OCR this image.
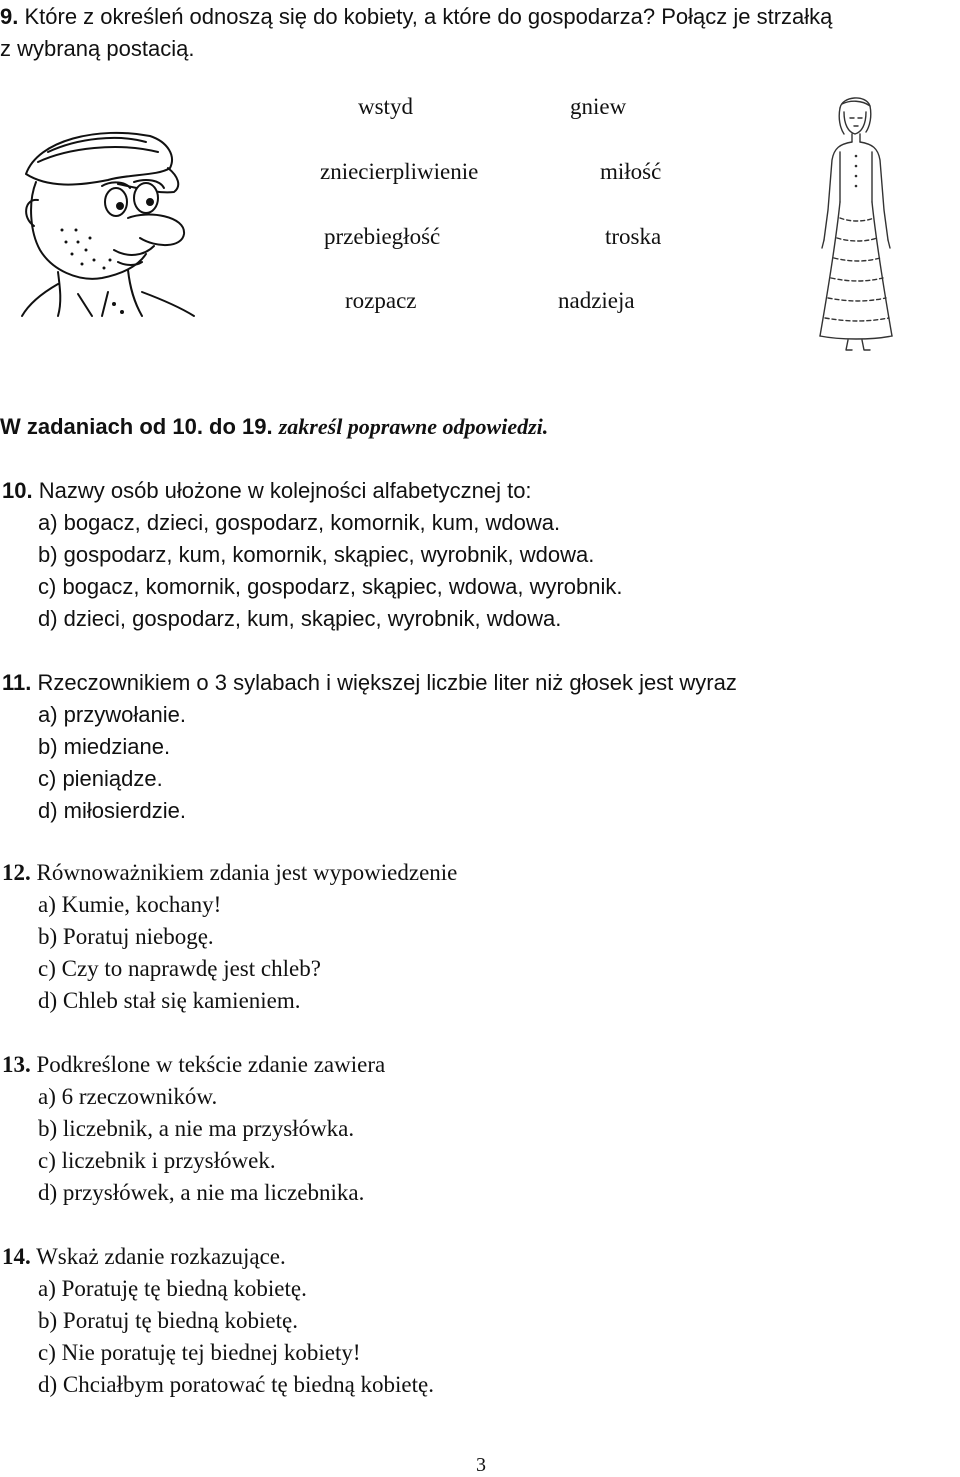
9. Które z określeń odnoszą się do kobiety, a które do gospodarza? Połącz je strzałką
z wybraną postacią.
wstyd
zniecierpliwienie
przebiegłość
rozpacz
gniew
miłość
troska
nadzieja
W zadaniach od 10. do 19. zakreśl poprawne odpowiedzi.
10. Nazwy osób ułożone w kolejności alfabetycznej to:
a) bogacz, dzieci, gospodarz, komornik, kum, wdowa.
b) gospodarz, kum, komornik, skąpiec, wyrobnik, wdowa.
c) bogacz, komornik, gospodarz, skąpiec, wdowa, wyrobnik.
d) dzieci, gospodarz, kum, skąpiec, wyrobnik, wdowa.
11. Rzeczownikiem o 3 sylabach i większej liczbie liter niż głosek jest wyraz
a) przywołanie.
b) miedziane.
c) pieniądze.
d) miłosierdzie.
12. Równoważnikiem zdania jest wypowiedzenie
a) Kumie, kochany!
b) Poratuj niebogę.
c) Czy to naprawdę jest chleb?
d) Chleb stał się kamieniem.
13. Podkreślone w tekście zdanie zawiera
a) 6 rzeczowników.
b) liczebnik, a nie ma przysłówka.
c) liczebnik i przysłówek.
d) przysłówek, a nie ma liczebnika.
14. Wskaż zdanie rozkazujące.
a) Poratuję tę biedną kobietę.
b) Poratuj tę biedną kobietę.
c) Nie poratuję tej biednej kobiety!
d) Chciałbym poratować tę biedną kobietę.
3
